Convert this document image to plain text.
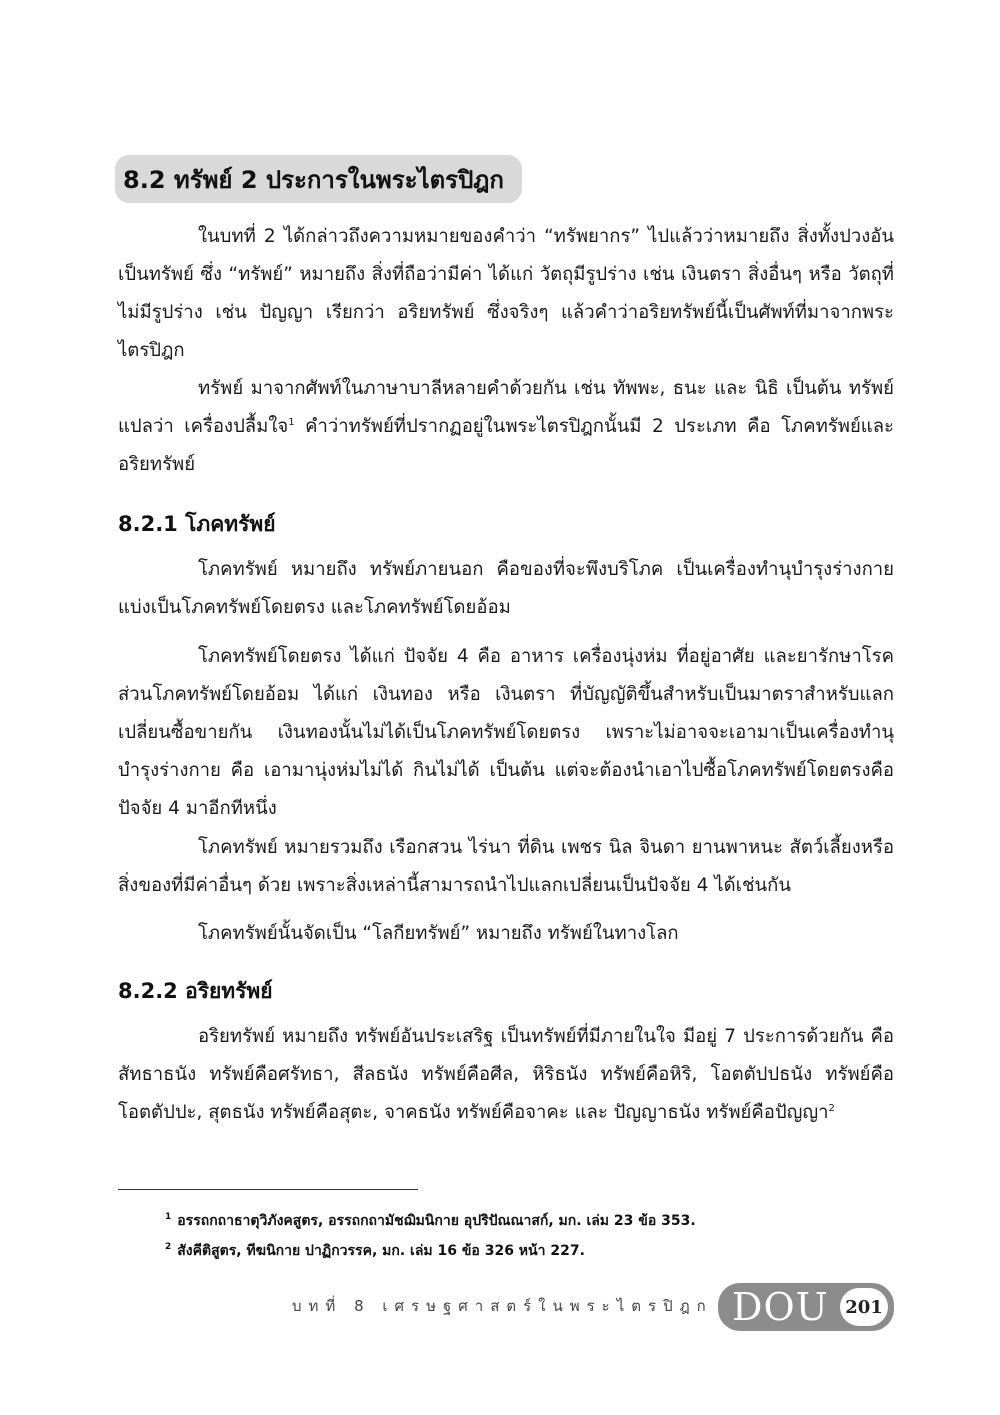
8.2 ทรัพย์ 2 ประการในพระไตรปิฎก

ในบทที่ 2 ได้กล่าวถึงความหมายของคำว่า “ทรัพยากร” ไปแล้วว่าหมายถึง สิ่งทั้งปวงอันเป็นทรัพย์ ซึ่ง “ทรัพย์” หมายถึง สิ่งที่ถือว่ามีค่า ได้แก่ วัตถุมีรูปร่าง เช่น เงินตรา สิ่งอื่นๆ หรือ วัตถุที่ไม่มีรูปร่าง เช่น ปัญญา เรียกว่า อริยทรัพย์ ซึ่งจริงๆ แล้วคำว่าอริยทรัพย์นี้เป็นศัพท์ที่มาจากพระไตรปิฎก

ทรัพย์ มาจากศัพท์ในภาษาบาลีหลายคำด้วยกัน เช่น ทัพพะ, ธนะ และ นิธิ เป็นต้น ทรัพย์ แปลว่า เครื่องปลื้มใจ$^1$ คำว่าทรัพย์ที่ปรากฏอยู่ในพระไตรปิฎกนั้นมี 2 ประเภท คือ โภคทรัพย์และอริยทรัพย์

8.2.1 โภคทรัพย์

โภคทรัพย์ หมายถึง ทรัพย์ภายนอก คือของที่จะพึงบริโภค เป็นเครื่องทำนุบำรุงร่างกาย แบ่งเป็นโภคทรัพย์โดยตรง และโภคทรัพย์โดยอ้อม

โภคทรัพย์โดยตรง ได้แก่ ปัจจัย 4 คือ อาหาร เครื่องนุ่งห่ม ที่อยู่อาศัย และยารักษาโรค ส่วนโภคทรัพย์โดยอ้อม ได้แก่ เงินทอง หรือ เงินตรา ที่บัญญัติขึ้นสำหรับเป็นมาตราสำหรับแลกเปลี่ยนซื้อขายกัน เงินทองนั้นไม่ได้เป็นโภคทรัพย์โดยตรง เพราะไม่อาจจะเอามาเป็นเครื่องทำนุบำรุงร่างกาย คือ เอามานุ่งห่มไม่ได้ กินไม่ได้ เป็นต้น แต่จะต้องนำเอาไปซื้อโภคทรัพย์โดยตรงคือ ปัจจัย 4 มาอีกทีหนึ่ง

โภคทรัพย์ หมายรวมถึง เรือกสวน ไร่นา ที่ดิน เพชร นิล จินดา ยานพาหนะ สัตว์เลี้ยงหรือสิ่งของที่มีค่าอื่นๆ ด้วย เพราะสิ่งเหล่านี้สามารถนำไปแลกเปลี่ยนเป็นปัจจัย 4 ได้เช่นกัน

โภคทรัพย์นั้นจัดเป็น “โลกียทรัพย์” หมายถึง ทรัพย์ในทางโลก

8.2.2 อริยทรัพย์

อริยทรัพย์ หมายถึง ทรัพย์อันประเสริฐ เป็นทรัพย์ที่มีภายในใจ มีอยู่ 7 ประการด้วยกัน คือ สัทธาธนัง ทรัพย์คือศรัทธา, สีลธนัง ทรัพย์คือศีล, หิริธนัง ทรัพย์คือหิริ, โอตตัปปธนัง ทรัพย์คือโอตตัปปะ, สุตธนัง ทรัพย์คือสุตะ, จาคธนัง ทรัพย์คือจาคะ และ ปัญญาธนัง ทรัพย์คือปัญญา$^2$

$^1$ อรรถกถาธาตุวิภังคสูตร, อรรถกถามัชฌิมนิกาย อุปริปัณณาสก์, มก. เล่ม 23 ข้อ 353.

$^2$ สังคีติสูตร, ทีฆนิกาย ปาฏิกวรรค, มก. เล่ม 16 ข้อ 326 หน้า 227.

บทที่ 8 เศรษฐศาสตร์ในพระไตรปิฎก DOU 201
